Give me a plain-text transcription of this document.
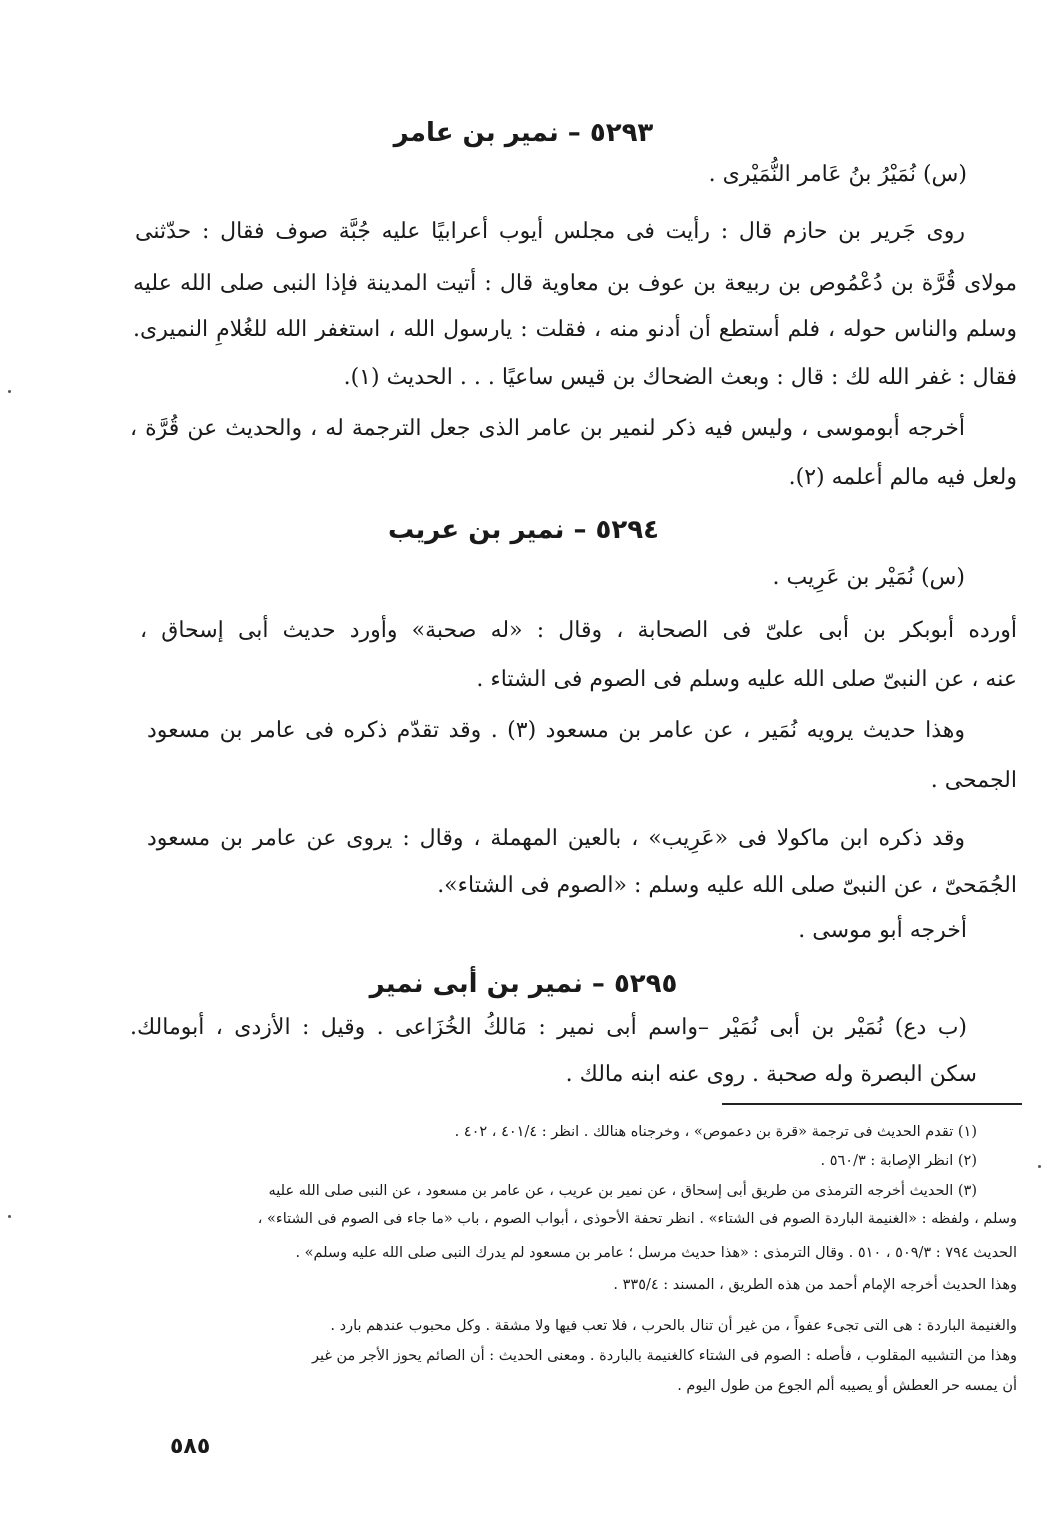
٥٢٩٣ – نمير بن عامر
(س) نُمَيْرُ بنُ عَامر النُّمَيْرى .
روى جَرير بن حازم قال : رأيت فى مجلس أيوب أعرابيًا عليه جُبَّة صوف فقال : حدّثنى
مولاى قُرَّة بن دُعْمُوص بن ربيعة بن عوف بن معاوية قال : أتيت المدينة فإذا النبى صلى الله عليه
وسلم والناس حوله ، فلم أستطع أن أدنو منه ، فقلت : يارسول الله ، استغفر الله للغُلامِ النميرى.
فقال : غفر الله لك : قال : وبعث الضحاك بن قيس ساعيًا . . . الحديث (١).
أخرجه أبوموسى ، وليس فيه ذكر لنمير بن عامر الذى جعل الترجمة له ، والحديث عن قُرَّة ،
ولعل فيه مالم أعلمه (٢).
٥٢٩٤ – نمير بن عريب
(س) نُمَيْر بن عَرِيب .
أورده أبوبكر بن أبى علىّ فى الصحابة ، وقال : «له صحبة» وأورد حديث أبى إسحاق ،
عنه ، عن النبىّ صلى الله عليه وسلم فى الصوم فى الشتاء .
وهذا حديث يرويه نُمَير ، عن عامر بن مسعود (٣) . وقد تقدّم ذكره فى عامر بن مسعود
الجمحى .
وقد ذكره ابن ماكولا فى «عَرِيب» ، بالعين المهملة ، وقال : يروى عن عامر بن مسعود
الجُمَحىّ ، عن النبىّ صلى الله عليه وسلم : «الصوم فى الشتاء».
أخرجه أبو موسى .
٥٢٩٥ – نمير بن أبى نمير
(ب دع) نُمَيْر بن أبى نُمَيْر –واسم أبى نمير : مَالكُ الخُزَاعى . وقيل : الأزدى ، أبومالك.
سكن البصرة وله صحبة . روى عنه ابنه مالك .
(١) تقدم الحديث فى ترجمة «قرة بن دعموص» ، وخرجناه هنالك . انظر : ٤٠١/٤ ، ٤٠٢ .
(٢) انظر الإصابة : ٥٦٠/٣ .
(٣) الحديث أخرجه الترمذى من طريق أبى إسحاق ، عن نمير بن عريب ، عن عامر بن مسعود ، عن النبى صلى الله عليه
وسلم ، ولفظه : «الغنيمة الباردة الصوم فى الشتاء» . انظر تحفة الأحوذى ، أبواب الصوم ، باب «ما جاء فى الصوم فى الشتاء» ،
الحديث ٧٩٤ : ٥٠٩/٣ ، ٥١٠ . وقال الترمذى : «هذا حديث مرسل ؛ عامر بن مسعود لم يدرك النبى صلى الله عليه وسلم» .
وهذا الحديث أخرجه الإمام أحمد من هذه الطريق ، المسند : ٣٣٥/٤ .
والغنيمة الباردة : هى التى تجىء عفواً ، من غير أن تنال بالحرب ، فلا تعب فيها ولا مشقة . وكل محبوب عندهم بارد .
وهذا من التشبيه المقلوب ، فأصله : الصوم فى الشتاء كالغنيمة بالباردة . ومعنى الحديث : أن الصائم يحوز الأجر من غير
أن يمسه حر العطش أو يصيبه ألم الجوع من طول اليوم .
٥٨٥
